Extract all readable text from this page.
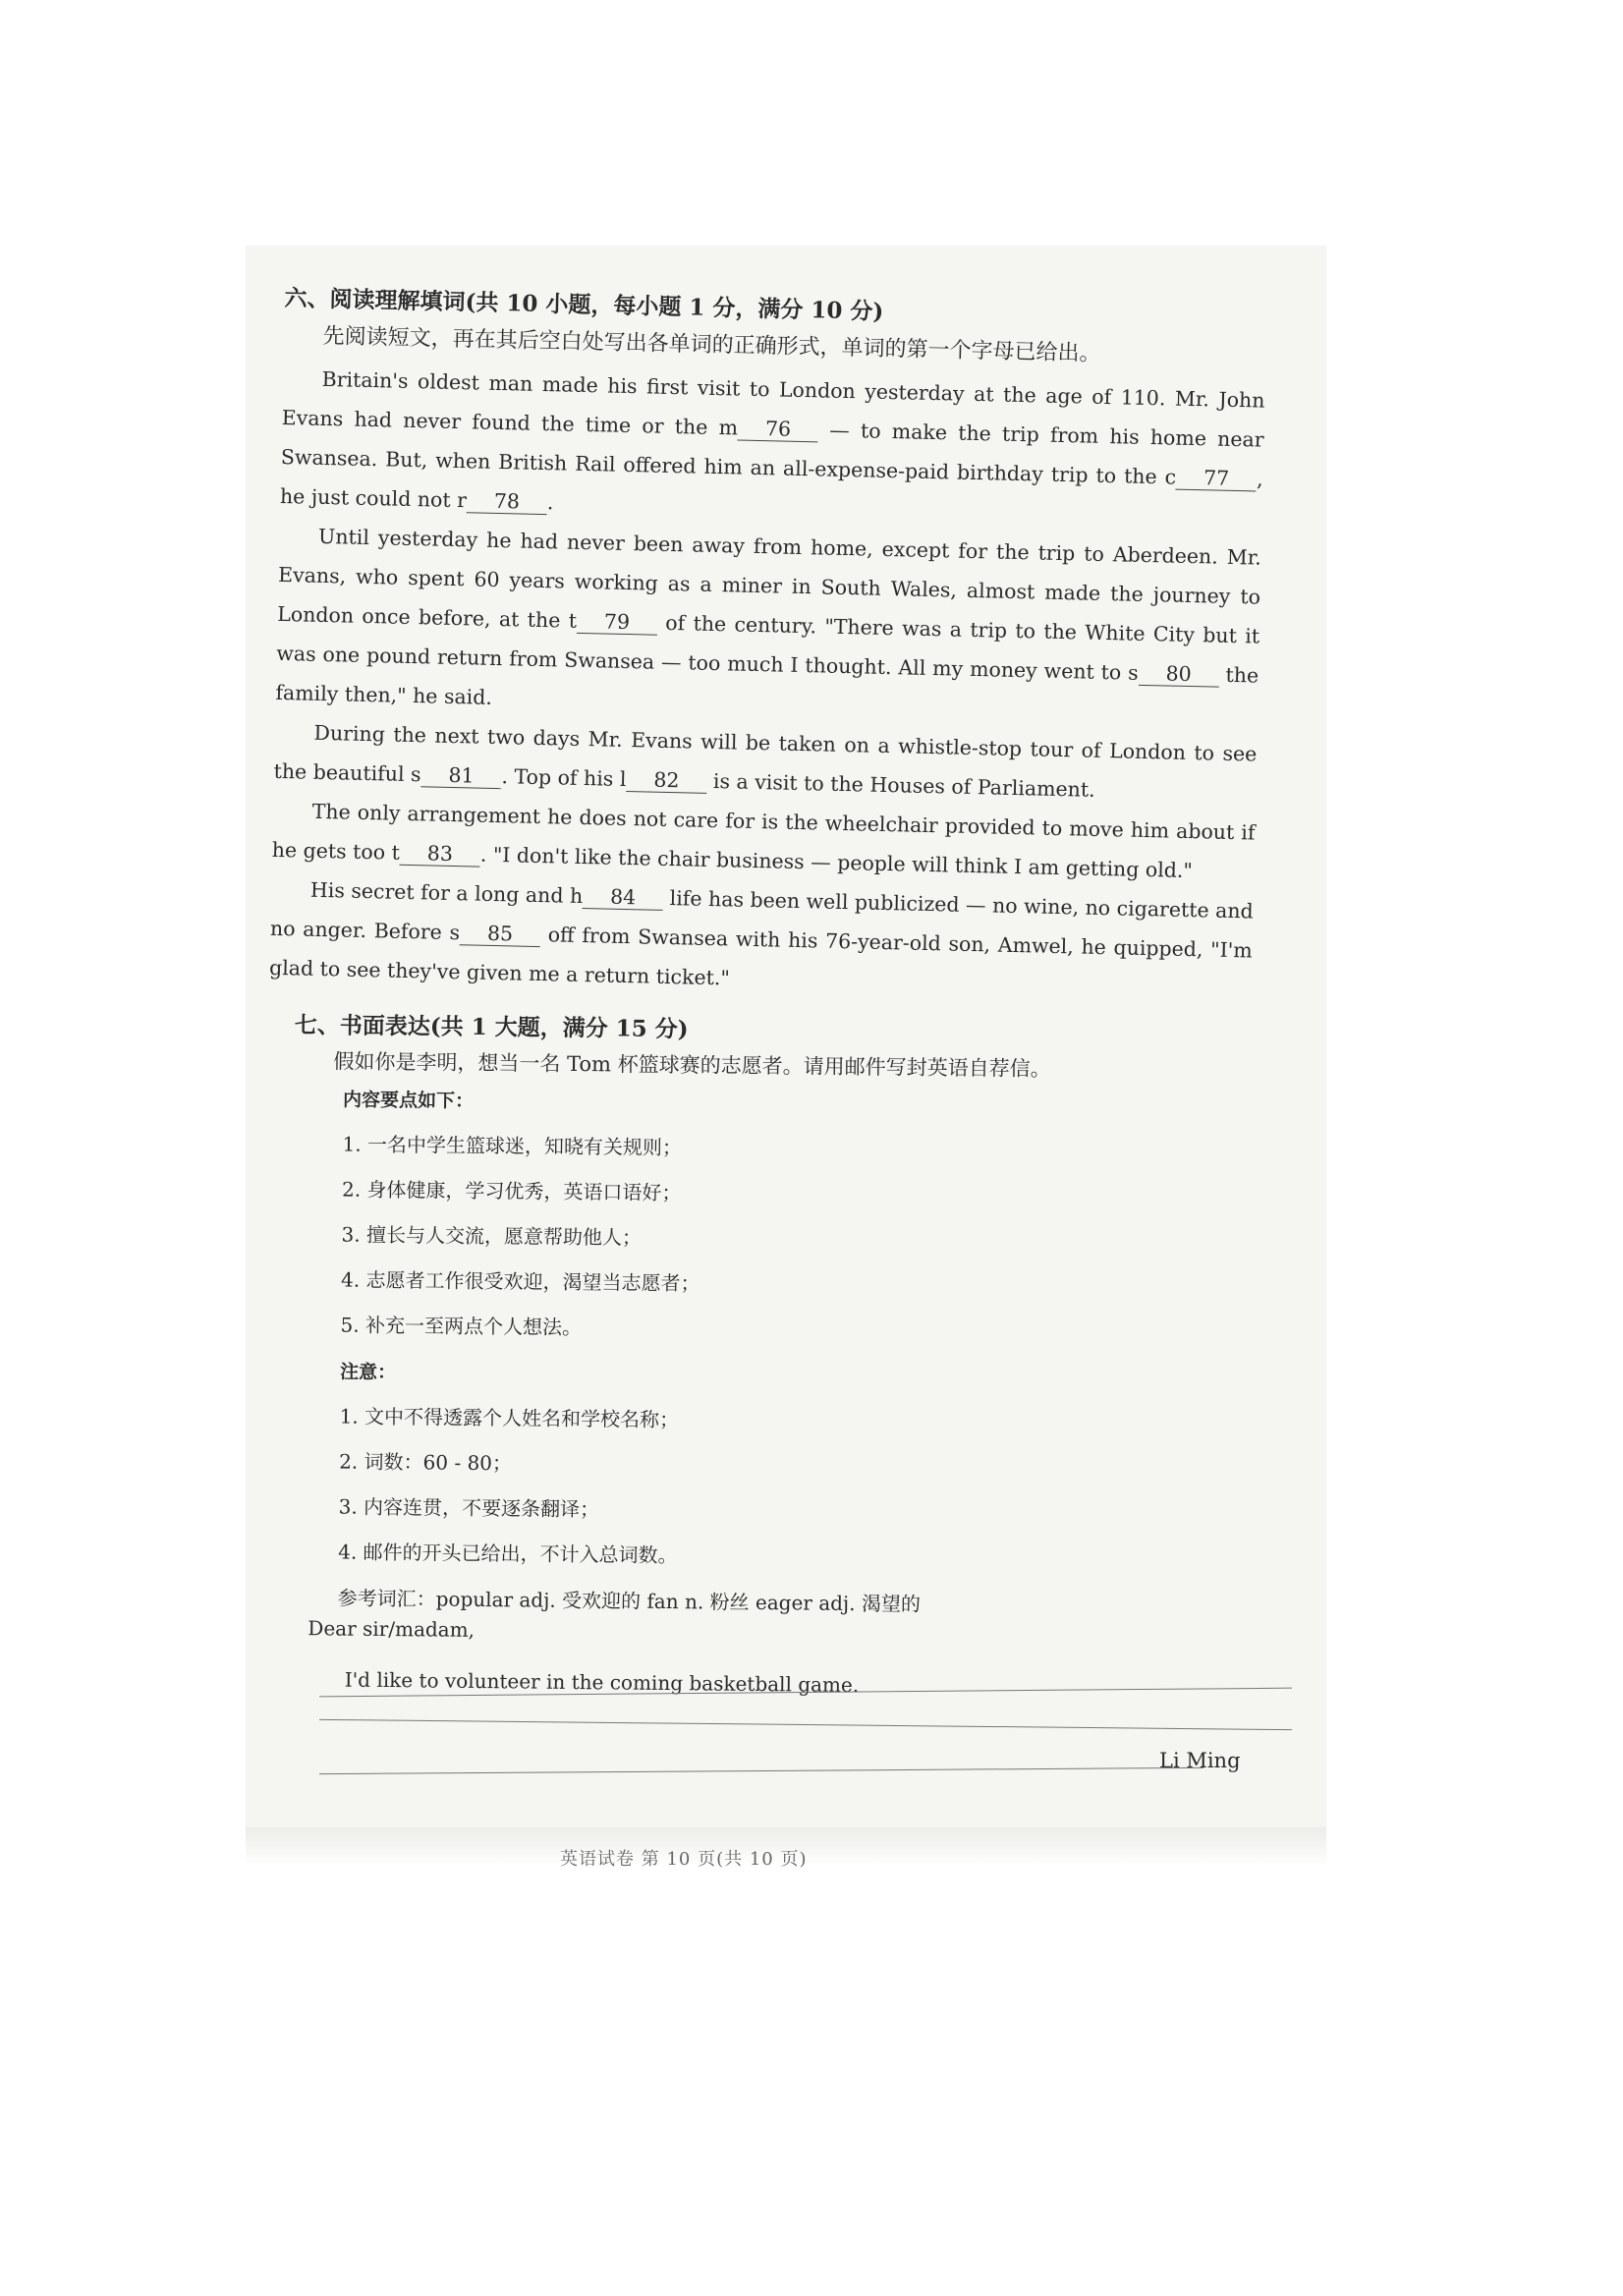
六、阅读理解填词(共 10 小题，每小题 1 分，满分 10 分)
先阅读短文，再在其后空白处写出各单词的正确形式，单词的第一个字母已给出。

Britain's oldest man made his first visit to London yesterday at the age of 110. Mr. John Evans had never found the time or the m 76 — to make the trip from his home near Swansea. But, when British Rail offered him an all-expense-paid birthday trip to the c 77 , he just could not r 78 .

Until yesterday he had never been away from home, except for the trip to Aberdeen. Mr. Evans, who spent 60 years working as a miner in South Wales, almost made the journey to London once before, at the t 79 of the century. "There was a trip to the White City but it was one pound return from Swansea — too much I thought. All my money went to s 80 the family then," he said.

During the next two days Mr. Evans will be taken on a whistle-stop tour of London to see the beautiful s 81 . Top of his l 82 is a visit to the Houses of Parliament.

The only arrangement he does not care for is the wheelchair provided to move him about if he gets too t 83 . "I don't like the chair business — people will think I am getting old."

His secret for a long and h 84 life has been well publicized — no wine, no cigarette and no anger. Before s 85 off from Swansea with his 76-year-old son, Amwel, he quipped, "I'm glad to see they've given me a return ticket."

七、书面表达(共 1 大题，满分 15 分)
假如你是李明，想当一名 Tom 杯篮球赛的志愿者。请用邮件写封英语自荐信。
内容要点如下：
1. 一名中学生篮球迷，知晓有关规则；
2. 身体健康，学习优秀，英语口语好；
3. 擅长与人交流，愿意帮助他人；
4. 志愿者工作很受欢迎，渴望当志愿者；
5. 补充一至两点个人想法。
注意：
1. 文中不得透露个人姓名和学校名称；
2. 词数：60 - 80；
3. 内容连贯，不要逐条翻译；
4. 邮件的开头已给出，不计入总词数。
参考词汇：popular adj. 受欢迎的 fan n. 粉丝 eager adj. 渴望的
Dear sir/madam,
I'd like to volunteer in the coming basketball game.
Li Ming
英语试卷 第 10 页(共 10 页)
